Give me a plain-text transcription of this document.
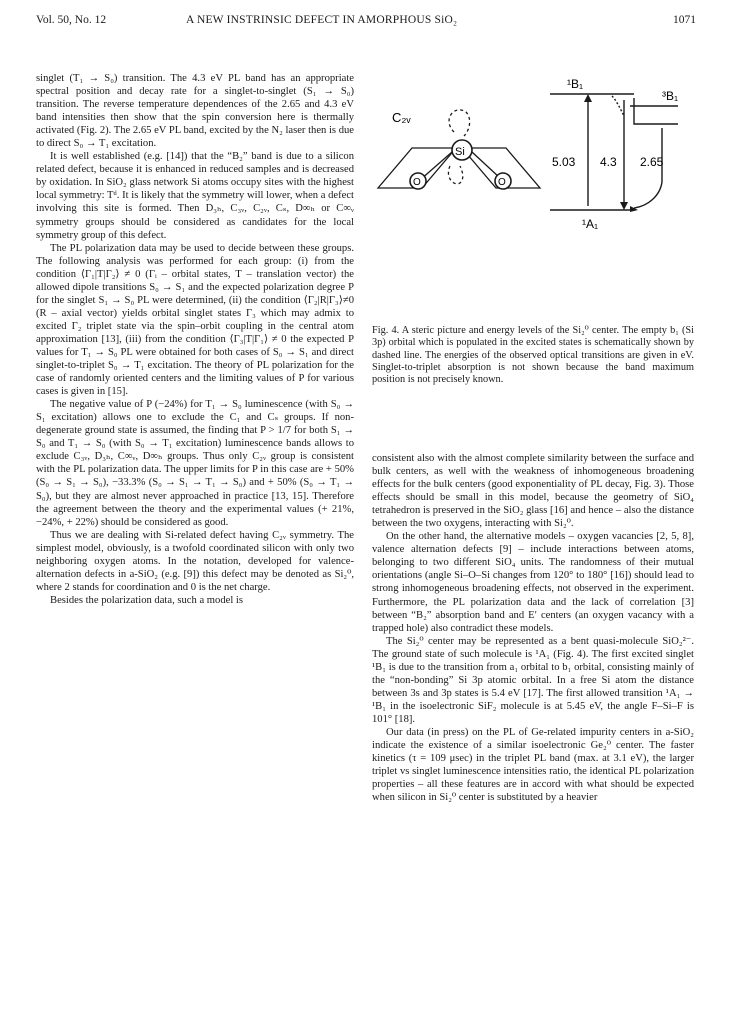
Vol. 50, No. 12	A NEW INSTRINSIC DEFECT IN AMORPHOUS SiO₂	1071

singlet (T₁ → S₀) transition. The 4.3 eV PL band has an appropriate spectral position and decay rate for a singlet-to-singlet (S₁ → S₀) transition. The reverse temperature dependences of the 2.65 and 4.3 eV band intensities then show that the spin conversion here is thermally activated (Fig. 2). The 2.65 eV PL band, excited by the N₂ laser then is due to direct S₀ → T₁ excitation.

It is well established (e.g. [14]) that the “B₂” band is due to a silicon related defect, because it is enhanced in reduced samples and is decreased by oxidation. In SiO₂ glass network Si atoms occupy sites with the highest local symmetry: Tᵈ. It is likely that the symmetry will lower, when a defect involving this site is formed. Then D₃ₕ, C₃ᵥ, C₂ᵥ, Cₛ, D∞ₕ or C∞ᵥ symmetry groups should be considered as candidates for the local symmetry group of this defect.

The PL polarization data may be used to decide between these groups. The following analysis was performed for each group: (i) from the condition ⟨Γ₁|T|Γ₂⟩ ≠ 0 (Γᵢ – orbital states, T – translation vector) the allowed dipole transitions S₀ → S₁ and the expected polarization degree P for the singlet S₁ → S₀ PL were determined, (ii) the condition ⟨Γ₂|R|Γ₃⟩≠0 (R – axial vector) yields orbital singlet states Γ₃ which may admix to excited Γ₂ triplet state via the spin–orbit coupling in the central atom approximation [13], (iii) from the condition ⟨Γ₃|T|Γ₁⟩ ≠ 0 the expected P values for T₁ → S₀ PL were obtained for both cases of S₀ → S₁ and direct singlet-to-triplet S₀ → T₁ excitation. The theory of PL polarization for the case of randomly oriented centers and the limiting values of P for various cases is given in [15].

The negative value of P (−24%) for T₁ → S₀ luminescence (with S₀ → S₁ excitation) allows one to exclude the C₁ and Cₛ groups. If non-degenerate ground state is assumed, the finding that P > 1/7 for both S₁ → S₀ and T₁ → S₀ (with S₀ → T₁ excitation) luminescence bands allows to exclude C₃ᵥ, D₃ₕ, C∞ᵥ, D∞ₕ groups. Thus only C₂ᵥ group is consistent with the PL polarization data. The upper limits for P in this case are + 50% (S₀ → S₁ → S₀), −33.3% (S₀ → S₁ → T₁ → S₀) and + 50% (S₀ → T₁ → S₀), but they are almost never approached in practice [13, 15]. Therefore the agreement between the theory and the experimental values (+ 21%, −24%, + 22%) should be considered as good.

Thus we are dealing with Si-related defect having C₂ᵥ symmetry. The simplest model, obviously, is a twofold coordinated silicon with only two neighboring oxygen atoms. In the notation, developed for valence-alternation defects in a-SiO₂ (e.g. [9]) this defect may be denoted as Si₂⁰, where 2 stands for coordination and 0 is the net charge.

Besides the polarization data, such a model is

C₂ᵥ
Si
O	O
¹B₁
³B₁
¹A₁
5.03 4.3 2.65
Fig. 4. A steric picture and energy levels of the Si₂⁰ center. The empty b₁ (Si 3p) orbital which is populated in the excited states is schematically shown by dashed line. The energies of the observed optical transitions are given in eV. Singlet-to-triplet absorption is not shown because the band maximum position is not precisely known.

consistent also with the almost complete similarity between the surface and bulk centers, as well with the weakness of inhomogeneous broadening effects for the bulk centers (good exponentiality of PL decay, Fig. 3). Those effects should be small in this model, because the geometry of SiO₄ tetrahedron is preserved in the SiO₂ glass [16] and hence – also the distance between the two oxygens, interacting with Si₂⁰.

On the other hand, the alternative models – oxygen vacancies [2, 5, 8], valence alternation defects [9] – include interactions between atoms, belonging to two different SiO₄ units. The randomness of their mutual orientations (angle Si–O–Si changes from 120° to 180° [16]) should lead to strong inhomogeneous broadening effects, not observed in the experiment. Furthermore, the PL polarization data and the lack of correlation [3] between “B₂” absorption band and E′ centers (an oxygen vacancy with a trapped hole) also contradict these models.

The Si₂⁰ center may be represented as a bent quasi-molecule SiO₂²⁻. The ground state of such molecule is ¹A₁ (Fig. 4). The first excited singlet ¹B₁ is due to the transition from a₁ orbital to b₁ orbital, consisting mainly of the “non-bonding” Si 3p atomic orbital. In a free Si atom the distance between 3s and 3p states is 5.4 eV [17]. The first allowed transition ¹A₁ → ¹B₁ in the isoelectronic SiF₂ molecule is at 5.45 eV, the angle F–Si–F is 101° [18].

Our data (in press) on the PL of Ge-related impurity centers in a-SiO₂ indicate the existence of a similar isoelectronic Ge₂⁰ center. The faster kinetics (τ = 109 μsec) in the triplet PL band (max. at 3.1 eV), the larger triplet vs singlet luminescence intensities ratio, the identical PL polarization properties – all these features are in accord with what should be expected when silicon in Si₂⁰ center is substituted by a heavier
